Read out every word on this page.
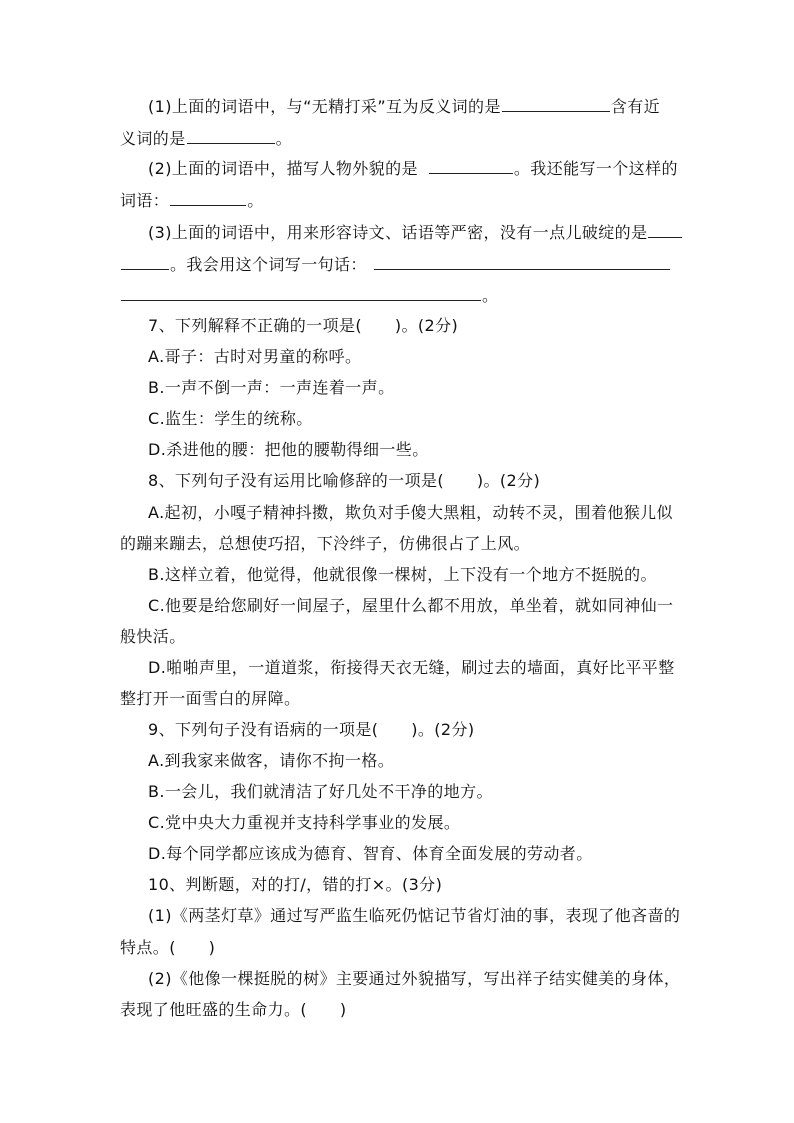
(1)上面的词语中，与“无精打采”互为反义词的是	含有近
义词的是	。
(2)上面的词语中，描写人物外貌的是	。我还能写一个这样的
词语：	。
(3)上面的词语中，用来形容诗文、话语等严密，没有一点儿破绽的是
。我会用这个词写一句话：
。
7、下列解释不正确的一项是(　　)。(2分)
A.哥子：古时对男童的称呼。
B.一声不倒一声：一声连着一声。
C.监生：学生的统称。
D.杀进他的腰：把他的腰勒得细一些。
8、下列句子没有运用比喻修辞的一项是(　　)。(2分)
A.起初，小嘎子精神抖擞，欺负对手傻大黑粗，动转不灵，围着他猴儿似
的蹦来蹦去，总想使巧招，下泠绊子，仿佛很占了上风。
B.这样立着，他觉得，他就很像一棵树，上下没有一个地方不挺脱的。
C.他要是给您刷好一间屋子，屋里什么都不用放，单坐着，就如同神仙一
般快活。
D.啪啪声里，一道道浆，衔接得天衣无缝，刷过去的墙面，真好比平平整
整打开一面雪白的屏障。
9、下列句子没有语病的一项是(　　)。(2分)
A.到我家来做客，请你不拘一格。
B.一会儿，我们就清洁了好几处不干净的地方。
C.党中央大力重视并支持科学事业的发展。
D.每个同学都应该成为德育、智育、体育全面发展的劳动者。
10、判断题，对的打/，错的打×。(3分)
(1)《两茎灯草》通过写严监生临死仍惦记节省灯油的事，表现了他吝啬的
特点。(　　)
(2)《他像一棵挺脱的树》主要通过外貌描写，写出祥子结实健美的身体，
表现了他旺盛的生命力。(　　)
